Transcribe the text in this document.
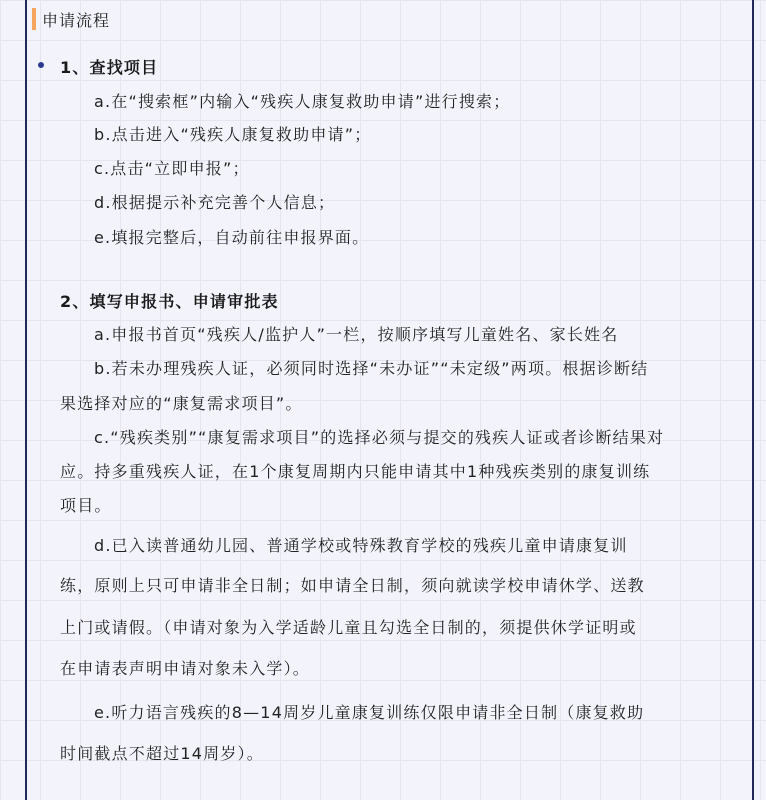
申请流程
1、查找项目
a.在“搜索框”内输入“残疾人康复救助申请”进行搜索；
b.点击进入“残疾人康复救助申请”；
c.点击“立即申报”；
d.根据提示补充完善个人信息；
e.填报完整后，自动前往申报界面。
2、填写申报书、申请审批表
a.申报书首页“残疾人/监护人”一栏，按顺序填写儿童姓名、家长姓名
b.若未办理残疾人证，必须同时选择“未办证”“未定级”两项。根据诊断结
果选择对应的“康复需求项目”。
c.“残疾类别”“康复需求项目”的选择必须与提交的残疾人证或者诊断结果对
应。持多重残疾人证，在1个康复周期内只能申请其中1种残疾类别的康复训练
项目。
d.已入读普通幼儿园、普通学校或特殊教育学校的残疾儿童申请康复训
练，原则上只可申请非全日制；如申请全日制，须向就读学校申请休学、送教
上门或请假。（申请对象为入学适龄儿童且勾选全日制的，须提供休学证明或
在申请表声明申请对象未入学）。
e.听力语言残疾的8—14周岁儿童康复训练仅限申请非全日制（康复救助
时间截点不超过14周岁）。
